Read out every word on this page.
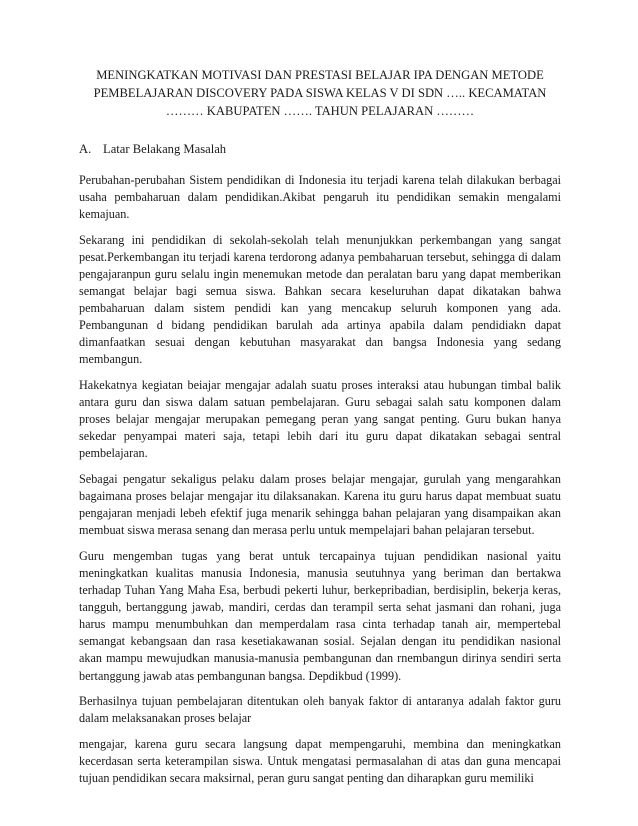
MENINGKATKAN MOTIVASI DAN PRESTASI BELAJAR IPA DENGAN METODE
PEMBELAJARAN DISCOVERY PADA SISWA KELAS V DI SDN ….. KECAMATAN
……… KABUPATEN ……. TAHUN PELAJARAN ………
A. Latar Belakang Masalah

Perubahan-perubahan Sistem pendidikan di Indonesia itu terjadi karena telah dilakukan berbagai usaha pembaharuan dalam pendidikan.Akibat pengaruh itu pendidikan semakin mengalami kemajuan.

Sekarang ini pendidikan di sekolah-sekolah telah menunjukkan perkembangan yang sangat pesat.Perkembangan itu terjadi karena terdorong adanya pembaharuan tersebut, sehingga di dalam pengajaranpun guru selalu ingin menemukan metode dan peralatan baru yang dapat memberikan semangat belajar bagi semua siswa. Bahkan secara keseluruhan dapat dikatakan bahwa pembaharuan dalam sistem pendidi kan yang mencakup seluruh komponen yang ada. Pembangunan d bidang pendidikan barulah ada artinya apabila dalam pendidiakn dapat dimanfaatkan sesuai dengan kebutuhan masyarakat dan bangsa Indonesia yang sedang membangun.

Hakekatnya kegiatan beiajar mengajar adalah suatu proses interaksi atau hubungan timbal balik antara guru dan siswa dalam satuan pembelajaran. Guru sebagai salah satu komponen dalam proses belajar mengajar merupakan pemegang peran yang sangat penting. Guru bukan hanya sekedar penyampai materi saja, tetapi lebih dari itu guru dapat dikatakan sebagai sentral pembelajaran.

Sebagai pengatur sekaligus pelaku dalam proses belajar mengajar, gurulah yang mengarahkan bagaimana proses belajar mengajar itu dilaksanakan. Karena itu guru harus dapat membuat suatu pengajaran menjadi lebeh efektif juga menarik sehingga bahan pelajaran yang disampaikan akan membuat siswa merasa senang dan merasa perlu untuk mempelajari bahan pelajaran tersebut.

Guru mengemban tugas yang berat untuk tercapainya tujuan pendidikan nasional yaitu meningkatkan kualitas manusia Indonesia, manusia seutuhnya yang beriman dan bertakwa terhadap Tuhan Yang Maha Esa, berbudi pekerti luhur, berkepribadian, berdisiplin, bekerja keras, tangguh, bertanggung jawab, mandiri, cerdas dan terampil serta sehat jasmani dan rohani, juga harus mampu menumbuhkan dan memperdalam rasa cinta terhadap tanah air, mempertebal semangat kebangsaan dan rasa kesetiakawanan sosial. Sejalan dengan itu pendidikan nasional akan mampu mewujudkan manusia-manusia pembangunan dan rnembangun dirinya sendiri serta bertanggung jawab atas pembangunan bangsa. Depdikbud (1999).

Berhasilnya tujuan pembelajaran ditentukan oleh banyak faktor di antaranya adalah faktor guru dalam melaksanakan proses belajar

mengajar, karena guru secara langsung dapat mempengaruhi, membina dan meningkatkan kecerdasan serta keterampilan siswa. Untuk mengatasi permasalahan di atas dan guna mencapai tujuan pendidikan secara maksirnal, peran guru sangat penting dan diharapkan guru memiliki
